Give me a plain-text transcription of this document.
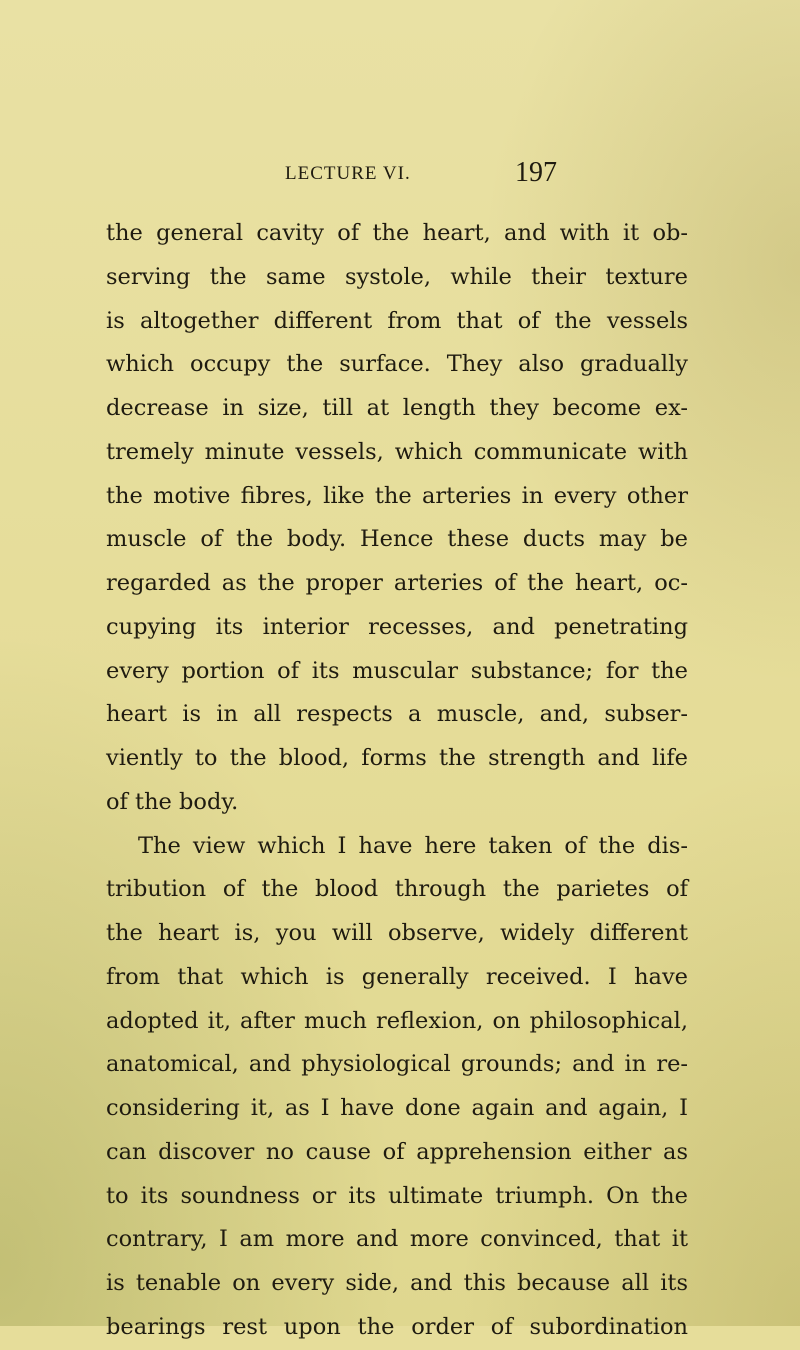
LECTURE VI.	197
the general cavity of the heart, and with it ob-
serving the same systole, while their texture
is altogether different from that of the vessels
which occupy the surface. They also gradually
decrease in size, till at length they become ex-
tremely minute vessels, which communicate with
the motive fibres, like the arteries in every other
muscle of the body. Hence these ducts may be
regarded as the proper arteries of the heart, oc-
cupying its interior recesses, and penetrating
every portion of its muscular substance; for the
heart is in all respects a muscle, and, subser-
viently to the blood, forms the strength and life
of the body.
The view which I have here taken of the dis-
tribution of the blood through the parietes of
the heart is, you will observe, widely different
from that which is generally received. I have
adopted it, after much reflexion, on philosophical,
anatomical, and physiological grounds; and in re-
considering it, as I have done again and again, I
can discover no cause of apprehension either as
to its soundness or its ultimate triumph. On the
contrary, I am more and more convinced, that it
is tenable on every side, and this because all its
bearings rest upon the order of subordination
